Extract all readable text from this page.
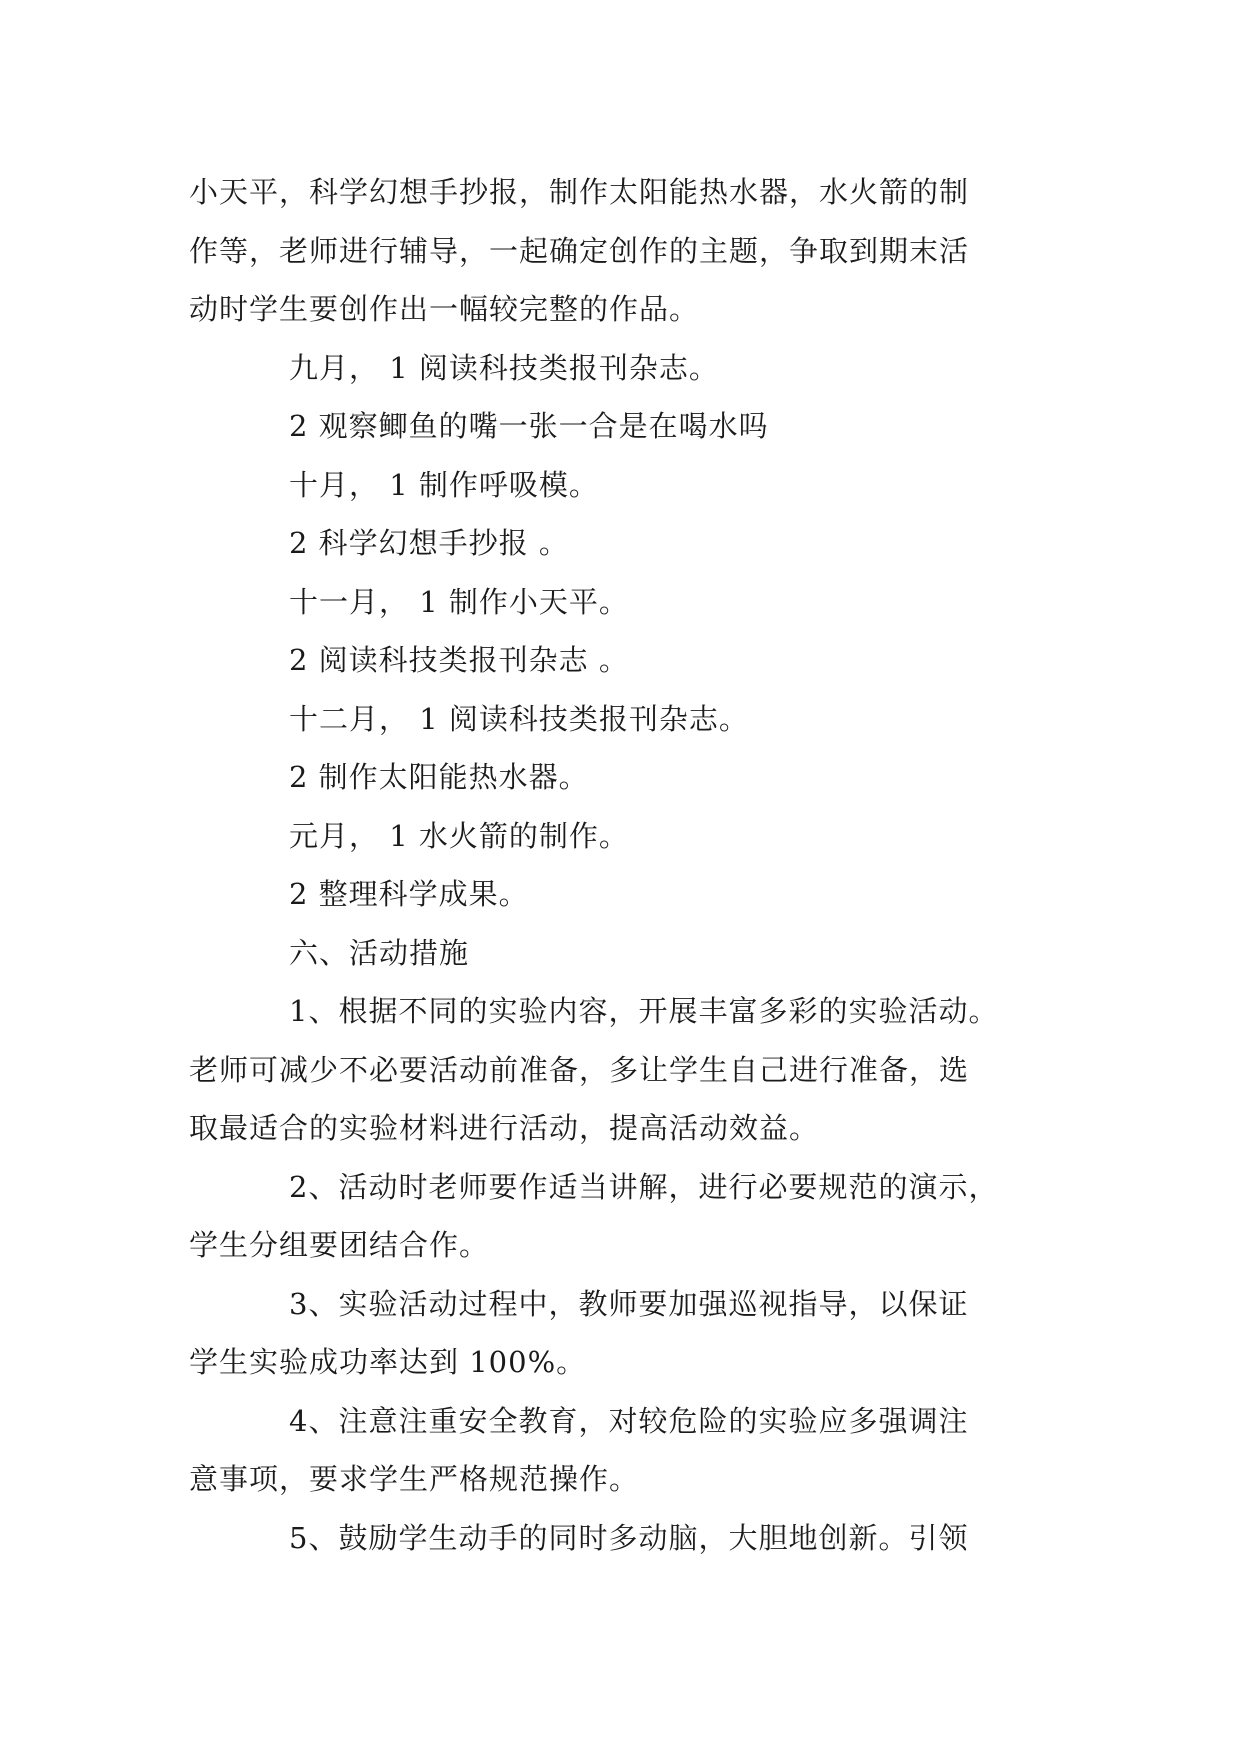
小天平，科学幻想手抄报，制作太阳能热水器，水火箭的制
作等，老师进行辅导，一起确定创作的主题，争取到期末活
动时学生要创作出一幅较完整的作品。

九月， 1 阅读科技类报刊杂志。

2 观察鲫鱼的嘴一张一合是在喝水吗

十月， 1 制作呼吸模。

2 科学幻想手抄报 。

十一月， 1 制作小天平。

2 阅读科技类报刊杂志 。

十二月， 1 阅读科技类报刊杂志。

2 制作太阳能热水器。

元月， 1 水火箭的制作。

2 整理科学成果。

六、活动措施

1、根据不同的实验内容，开展丰富多彩的实验活动。
老师可减少不必要活动前准备，多让学生自己进行准备，选
取最适合的实验材料进行活动，提高活动效益。
2、活动时老师要作适当讲解，进行必要规范的演示，
学生分组要团结合作。
3、实验活动过程中，教师要加强巡视指导，以保证
学生实验成功率达到 100%。
4、注意注重安全教育，对较危险的实验应多强调注
意事项，要求学生严格规范操作。
5、鼓励学生动手的同时多动脑，大胆地创新。引领
